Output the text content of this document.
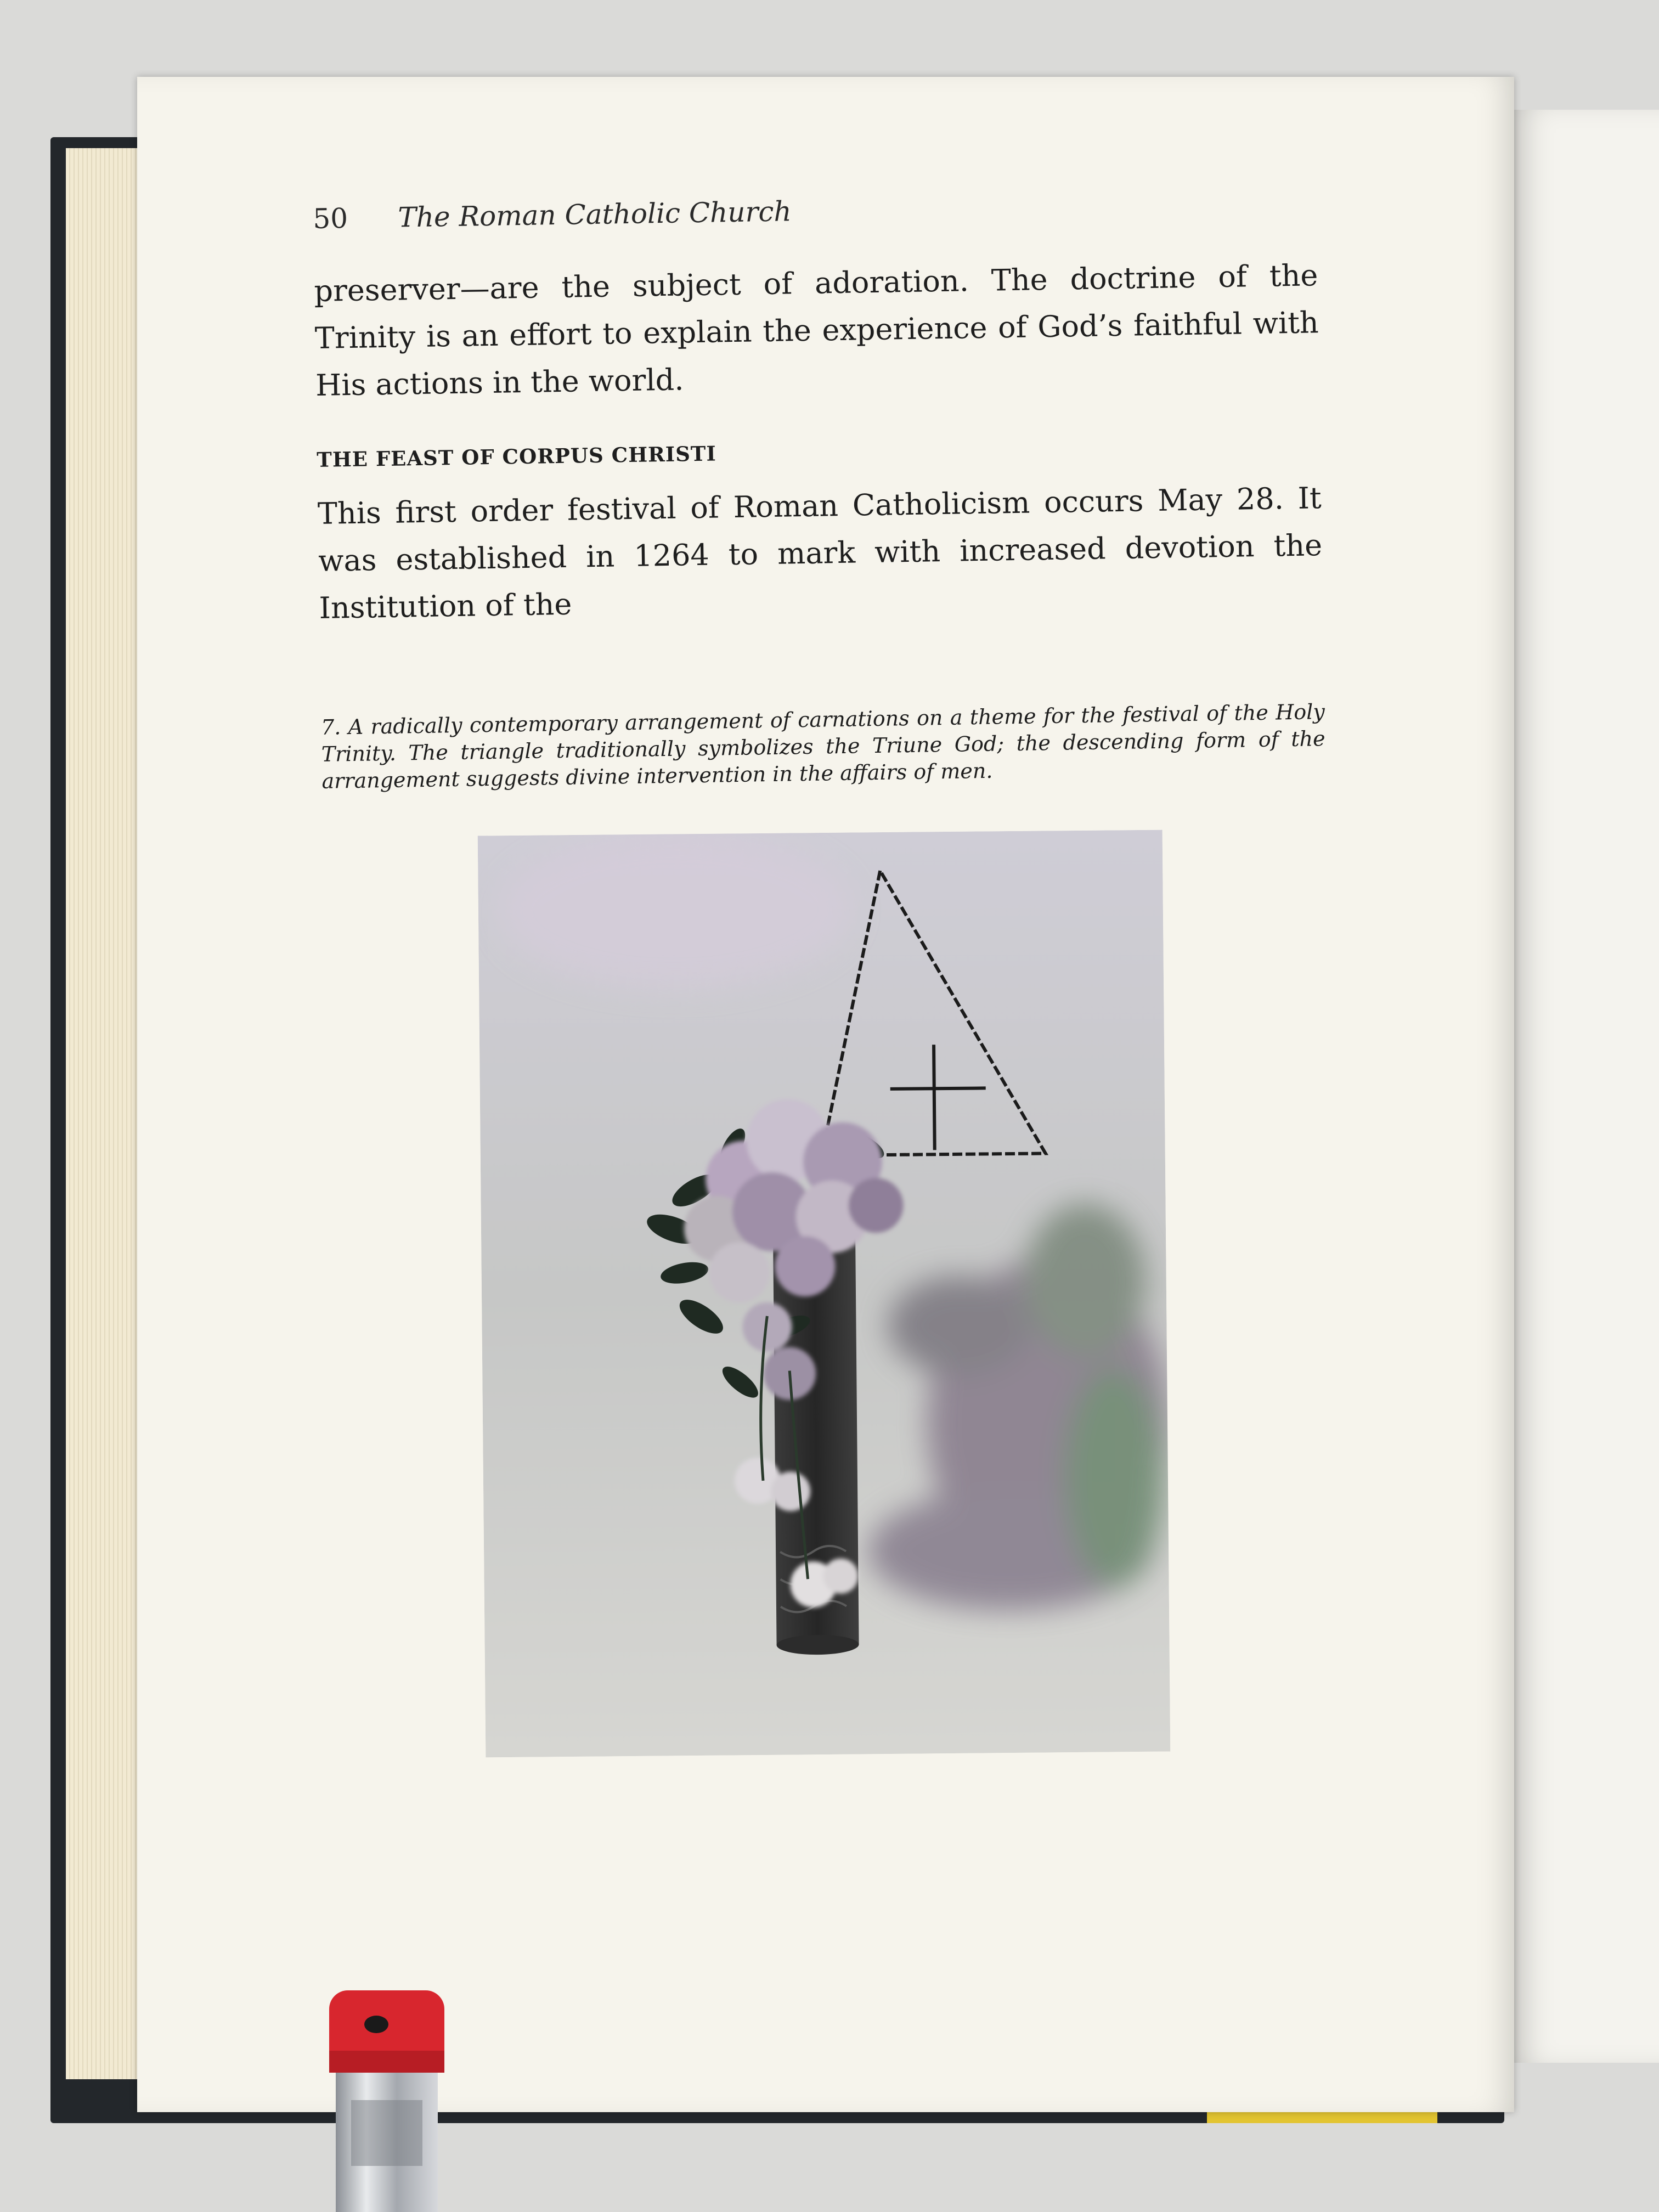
50 The Roman Catholic Church

preserver—are the subject of adoration. The doctrine of the Trinity is an effort to explain the experience of God’s faithful with His actions in the world.

THE FEAST OF CORPUS CHRISTI

This first order festival of Roman Catholicism occurs May 28. It was established in 1264 to mark with increased devotion the Institution of the

7. A radically contemporary arrangement of carnations on a theme for the festival of the Holy Trinity. The triangle traditionally symbolizes the Triune God; the descending form of the arrangement suggests divine intervention in the affairs of men.
